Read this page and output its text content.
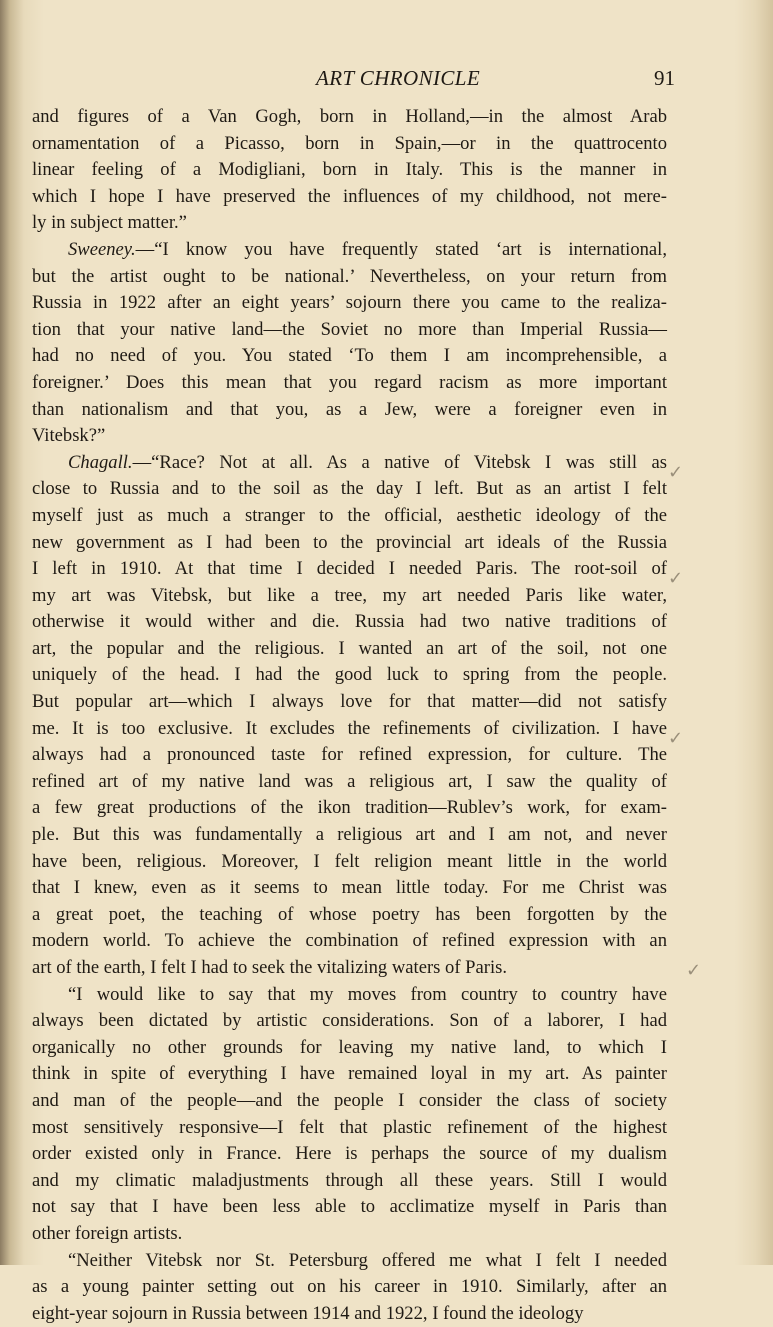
ART CHRONICLE	91
and figures of a Van Gogh, born in Holland,—in the almost Arab
ornamentation of a Picasso, born in Spain,—or in the quattrocento
linear feeling of a Modigliani, born in Italy. This is the manner in
which I hope I have preserved the influences of my childhood, not mere-
ly in subject matter.”
Sweeney.—“I know you have frequently stated ‘art is international,
but the artist ought to be national.’ Nevertheless, on your return from
Russia in 1922 after an eight years’ sojourn there you came to the realiza-
tion that your native land—the Soviet no more than Imperial Russia—
had no need of you. You stated ‘To them I am incomprehensible, a
foreigner.’ Does this mean that you regard racism as more important
than nationalism and that you, as a Jew, were a foreigner even in
Vitebsk?”
Chagall.—“Race? Not at all. As a native of Vitebsk I was still as
close to Russia and to the soil as the day I left. But as an artist I felt
myself just as much a stranger to the official, aesthetic ideology of the
new government as I had been to the provincial art ideals of the Russia
I left in 1910. At that time I decided I needed Paris. The root-soil of
my art was Vitebsk, but like a tree, my art needed Paris like water,
otherwise it would wither and die. Russia had two native traditions of
art, the popular and the religious. I wanted an art of the soil, not one
uniquely of the head. I had the good luck to spring from the people.
But popular art—which I always love for that matter—did not satisfy
me. It is too exclusive. It excludes the refinements of civilization. I have
always had a pronounced taste for refined expression, for culture. The
refined art of my native land was a religious art, I saw the quality of
a few great productions of the ikon tradition—Rublev’s work, for exam-
ple. But this was fundamentally a religious art and I am not, and never
have been, religious. Moreover, I felt religion meant little in the world
that I knew, even as it seems to mean little today. For me Christ was
a great poet, the teaching of whose poetry has been forgotten by the
modern world. To achieve the combination of refined expression with an
art of the earth, I felt I had to seek the vitalizing waters of Paris.
“I would like to say that my moves from country to country have
always been dictated by artistic considerations. Son of a laborer, I had
organically no other grounds for leaving my native land, to which I
think in spite of everything I have remained loyal in my art. As painter
and man of the people—and the people I consider the class of society
most sensitively responsive—I felt that plastic refinement of the highest
order existed only in France. Here is perhaps the source of my dualism
and my climatic maladjustments through all these years. Still I would
not say that I have been less able to acclimatize myself in Paris than
other foreign artists.
“Neither Vitebsk nor St. Petersburg offered me what I felt I needed
as a young painter setting out on his career in 1910. Similarly, after an
eight-year sojourn in Russia between 1914 and 1922, I found the ideology
✓
✓
✓
✓
